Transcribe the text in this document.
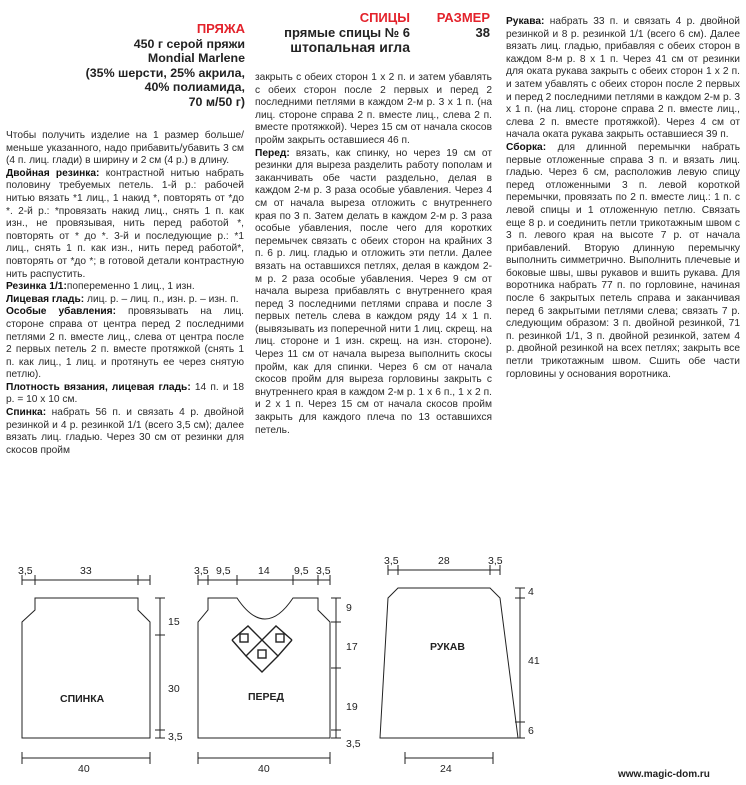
ПРЯЖА
450 г серой пряжи
Mondial Marlene
(35% шерсти, 25% акрила,
40% полиамида,
70 м/50 г)
СПИЦЫ
прямые спицы № 6
штопальная игла
РАЗМЕР
38

Чтобы получить изделие на 1 размер больше/меньше указанного, надо прибавить/убавить 3 см (4 п. лиц. глади) в ширину и 2 см (4 р.) в длину.

Двойная резинка: контрастной нитью набрать половину требуемых петель. 1-й р.: рабочей нитью вязать *1 лиц., 1 накид *, повторять от *до *. 2-й р.: *провязать накид лиц., снять 1 п. как изн., не провязывая, нить перед работой *, повторять от * до *. 3-й и последующие р.: *1 лиц., снять 1 п. как изн., нить перед работой*, повторять от *до *; в готовой детали контрастную нить распустить.

Резинка 1/1:попеременно 1 лиц., 1 изн.

Лицевая гладь: лиц. р. – лиц. п., изн. р. – изн. п.

Особые убавления: провязывать на лиц. стороне справа от центра перед 2 последними петлями 2 п. вместе лиц., слева от центра после 2 первых петель 2 п. вместе протяжкой (снять 1 п. как лиц., 1 лиц. и протянуть ее через снятую петлю).

Плотность вязания, лицевая гладь: 14 п. и 18 р. = 10 х 10 см.

Спинка: набрать 56 п. и связать 4 р. двойной резинкой и 4 р. резинкой 1/1 (всего 3,5 см); далее вязать лиц. гладью. Через 30 см от резинки для скосов пройм

закрыть с обеих сторон 1 х 2 п. и затем убавлять с обеих сторон после 2 первых и перед 2 последними петлями в каждом 2-м р. 3 х 1 п. (на лиц. стороне справа 2 п. вместе лиц., слева 2 п. вместе протяжкой). Через 15 см от начала скосов пройм закрыть оставшиеся 46 п.

Перед: вязать, как спинку, но через 19 см от резинки для выреза разделить работу пополам и заканчивать обе части раздельно, делая в каждом 2-м р. 3 раза особые убавления. Через 4 см от начала выреза отложить с внутреннего края по 3 п. Затем делать в каждом 2-м р. 3 раза особые убавления, после чего для коротких перемычек связать с обеих сторон на крайних 3 п. 6 р. лиц. гладью и отложить эти петли. Далее вязать на оставшихся петлях, делая в каждом 2-м р. 2 раза особые убавления. Через 9 см от начала выреза прибавлять с внутреннего края перед 3 последними петлями справа и после 3 первых петель слева в каждом ряду 14 х 1 п. (вывязывать из поперечной нити 1 лиц. скрещ. на лиц. стороне и 1 изн. скрещ. на изн. стороне). Через 11 см от начала выреза выполнить скосы пройм, как для спинки. Через 6 см от начала скосов пройм для выреза горловины закрыть с внутреннего края в каждом 2-м р. 1 х 6 п., 1 х 2 п. и 2 х 1 п. Через 15 см от начала скосов пройм закрыть для каждого плеча по 13 оставшихся петель.

Рукава: набрать 33 п. и связать 4 р. двойной резинкой и 8 р. резинкой 1/1 (всего 6 см). Далее вязать лиц. гладью, прибавляя с обеих сторон в каждом 8-м р. 8 х 1 п. Через 41 см от резинки для оката рукава закрыть с обеих сторон 1 х 2 п. и затем убавлять с обеих сторон после 2 первых и перед 2 последними петлями в каждом 2-м р. 3 х 1 п. (на лиц. стороне справа 2 п. вместе лиц., слева 2 п. вместе протяжкой). Через 4 см от начала оката рукава закрыть оставшиеся 39 п.

Сборка: для длинной перемычки набрать первые отложенные справа 3 п. и вязать лиц. гладью. Через 6 см, расположив левую спицу перед отложенными 3 п. левой короткой перемычки, провязать по 2 п. вместе лиц.: 1 п. с левой спицы и 1 отложенную петлю. Связать еще 8 р. и соединить петли трикотажным швом с 3 п. левого края на высоте 7 р. от начала прибавлений. Вторую длинную перемычку выполнить симметрично. Выполнить плечевые и боковые швы, швы рукавов и вшить рукава. Для воротника набрать 77 п. по горловине, начиная после 6 закрытых петель справа и заканчивая перед 6 закрытыми петлями слева; связать 7 р. следующим образом: 3 п. двойной резинкой, 71 п. резинкой 1/1, 3 п. двойной резинкой, затем 4 р. двойной резинкой на всех петлях; закрыть все петли трикотажным швом. Сшить обе части горловины у основания воротника.

СПИНКА
3,5	33
15
30
3,5
40
ПЕРЕД
3,5 9,5	14 9,5 3,5
9
17
19
3,5
40
РУКАВ
3,5	28	3,5
4
41
6
24	www.magic-dom.ru
